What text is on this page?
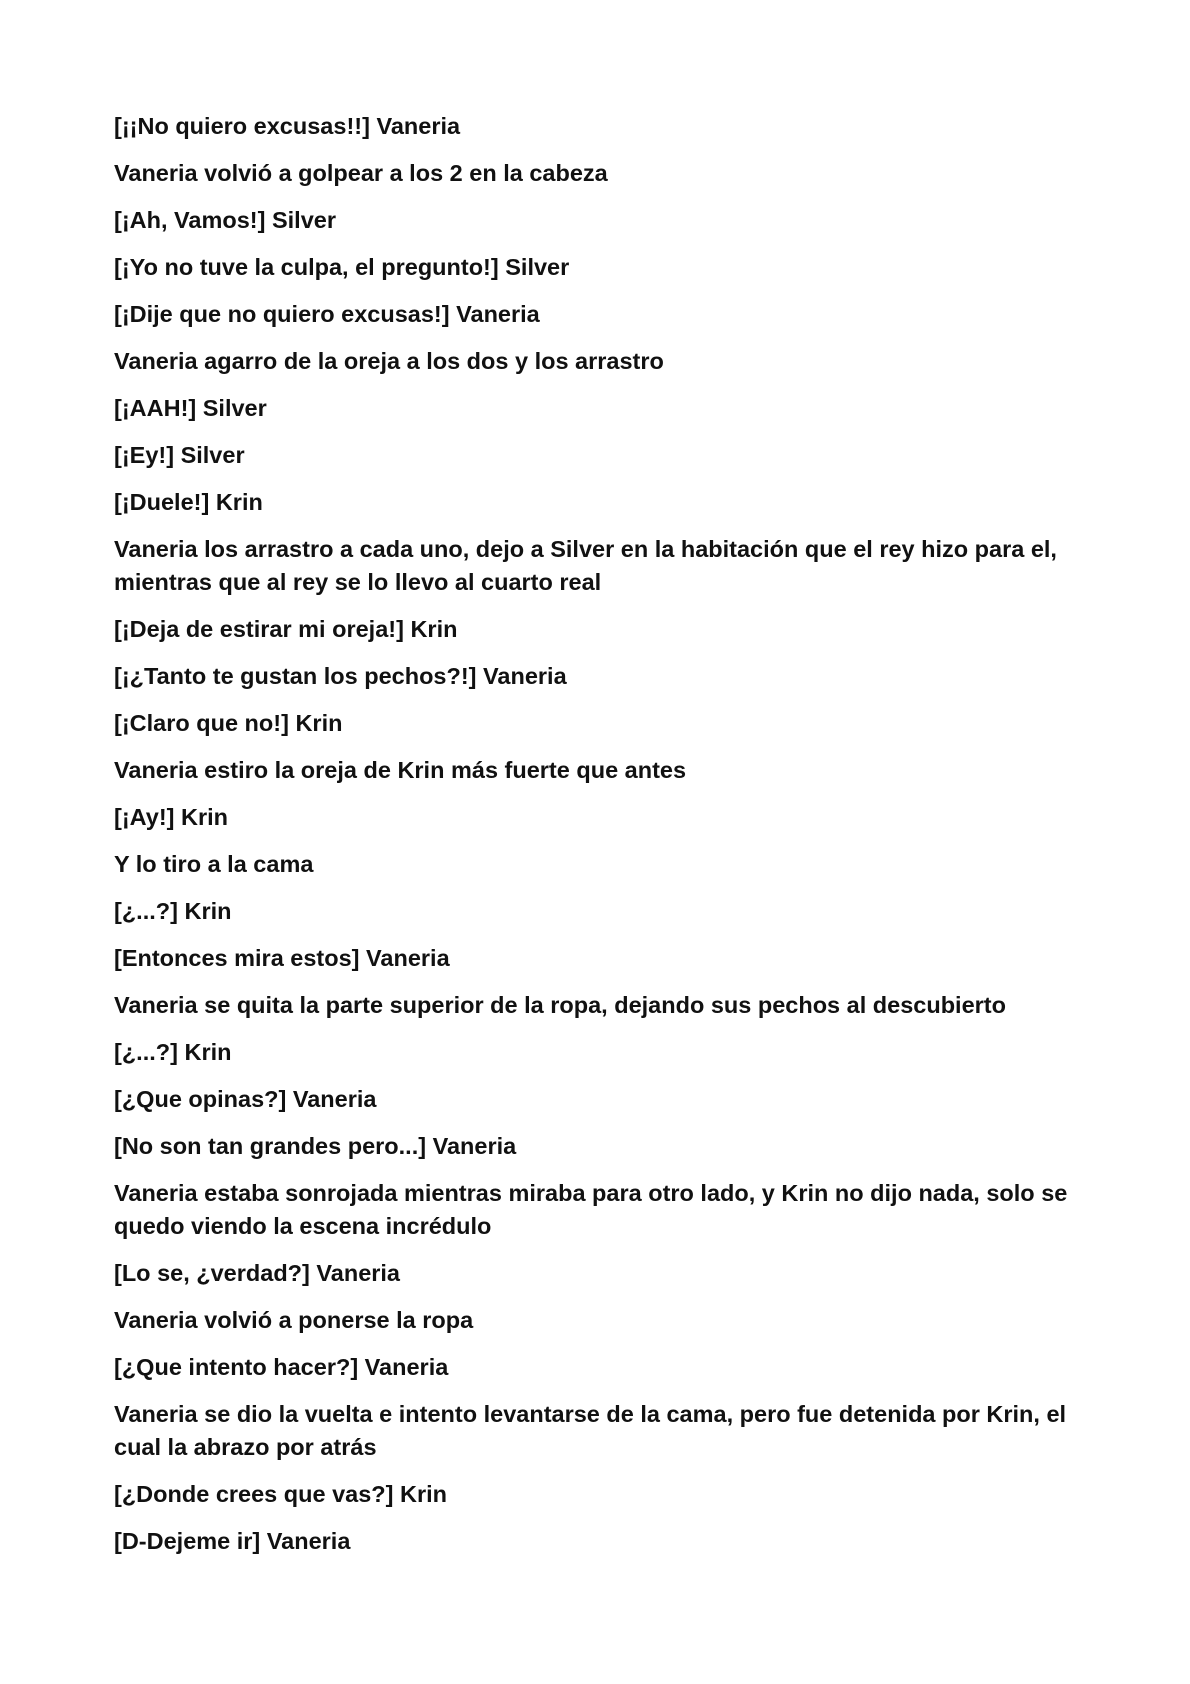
[¡¡No quiero excusas!!] Vaneria

Vaneria volvió a golpear a los 2 en la cabeza

[¡Ah, Vamos!] Silver

[¡Yo no tuve la culpa, el pregunto!] Silver

[¡Dije que no quiero excusas!] Vaneria

Vaneria agarro de la oreja a los dos y los arrastro

[¡AAH!] Silver

[¡Ey!] Silver

[¡Duele!] Krin

Vaneria los arrastro a cada uno, dejo a Silver en la habitación que el rey hizo para el, mientras que al rey se lo llevo al cuarto real

[¡Deja de estirar mi oreja!] Krin

[¡¿Tanto te gustan los pechos?!] Vaneria

[¡Claro que no!] Krin

Vaneria estiro la oreja de Krin más fuerte que antes

[¡Ay!] Krin

Y lo tiro a la cama

[¿...?] Krin

[Entonces mira estos] Vaneria

Vaneria se quita la parte superior de la ropa, dejando sus pechos al descubierto

[¿...?] Krin

[¿Que opinas?] Vaneria

[No son tan grandes pero...] Vaneria

Vaneria estaba sonrojada mientras miraba para otro lado, y Krin no dijo nada, solo se quedo viendo la escena incrédulo

[Lo se, ¿verdad?] Vaneria

Vaneria volvió a ponerse la ropa

[¿Que intento hacer?] Vaneria

Vaneria se dio la vuelta e intento levantarse de la cama, pero fue detenida por Krin, el cual la abrazo por atrás

[¿Donde crees que vas?] Krin

[D-Dejeme ir] Vaneria
